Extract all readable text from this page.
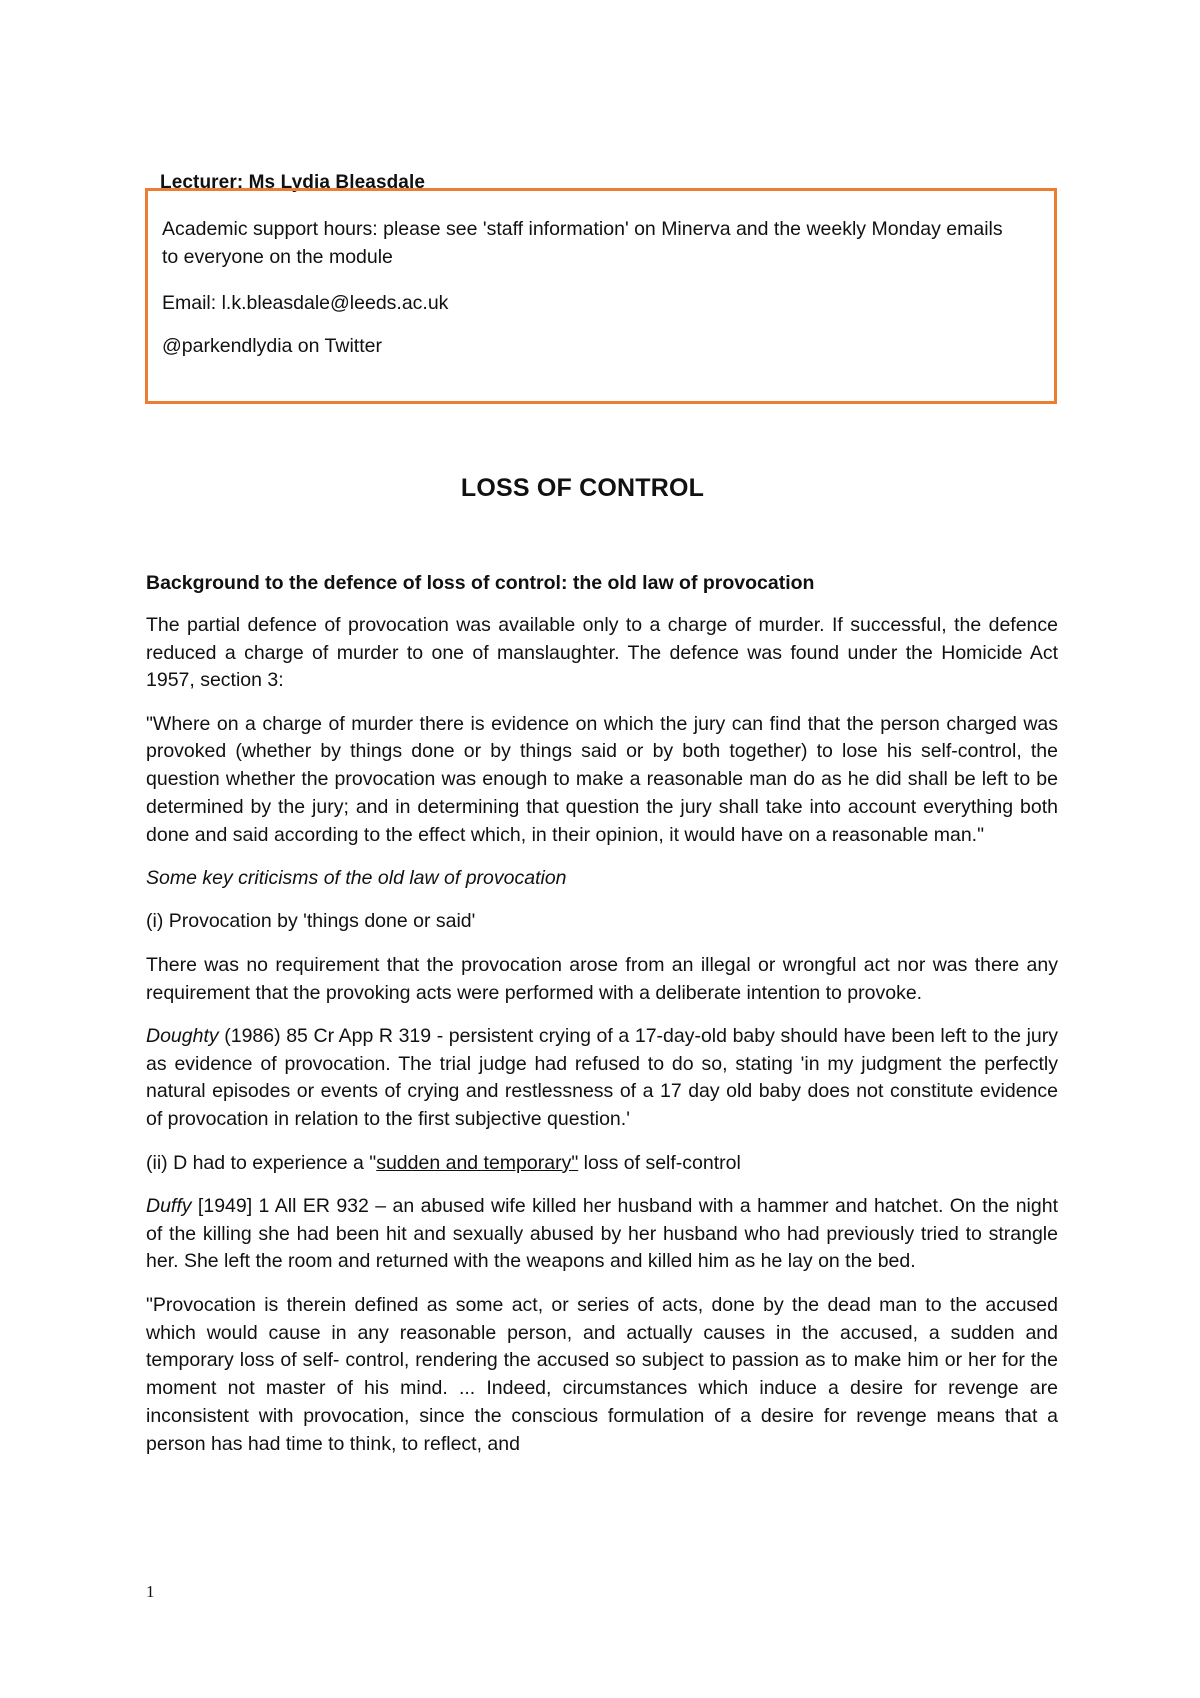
Lecturer: Ms Lydia Bleasdale

Academic support hours: please see 'staff information' on Minerva and the weekly Monday emails to everyone on the module

Email: l.k.bleasdale@leeds.ac.uk

@parkendlydia on Twitter

LOSS OF CONTROL
Background to the defence of loss of control: the old law of provocation

The partial defence of provocation was available only to a charge of murder. If successful, the defence reduced a charge of murder to one of manslaughter. The defence was found under the Homicide Act 1957, section 3:

"Where on a charge of murder there is evidence on which the jury can find that the person charged was provoked (whether by things done or by things said or by both together) to lose his self-control, the question whether the provocation was enough to make a reasonable man do as he did shall be left to be determined by the jury; and in determining that question the jury shall take into account everything both done and said according to the effect which, in their opinion, it would have on a reasonable man."

Some key criticisms of the old law of provocation

(i) Provocation by 'things done or said'

There was no requirement that the provocation arose from an illegal or wrongful act nor was there any requirement that the provoking acts were performed with a deliberate intention to provoke.

Doughty (1986) 85 Cr App R 319 - persistent crying of a 17-day-old baby should have been left to the jury as evidence of provocation. The trial judge had refused to do so, stating 'in my judgment the perfectly natural episodes or events of crying and restlessness of a 17 day old baby does not constitute evidence of provocation in relation to the first subjective question.'

(ii) D had to experience a "sudden and temporary" loss of self-control

Duffy [1949] 1 All ER 932 – an abused wife killed her husband with a hammer and hatchet. On the night of the killing she had been hit and sexually abused by her husband who had previously tried to strangle her. She left the room and returned with the weapons and killed him as he lay on the bed.

"Provocation is therein defined as some act, or series of acts, done by the dead man to the accused which would cause in any reasonable person, and actually causes in the accused, a sudden and temporary loss of self- control, rendering the accused so subject to passion as to make him or her for the moment not master of his mind. ... Indeed, circumstances which induce a desire for revenge are inconsistent with provocation, since the conscious formulation of a desire for revenge means that a person has had time to think, to reflect, and

1
